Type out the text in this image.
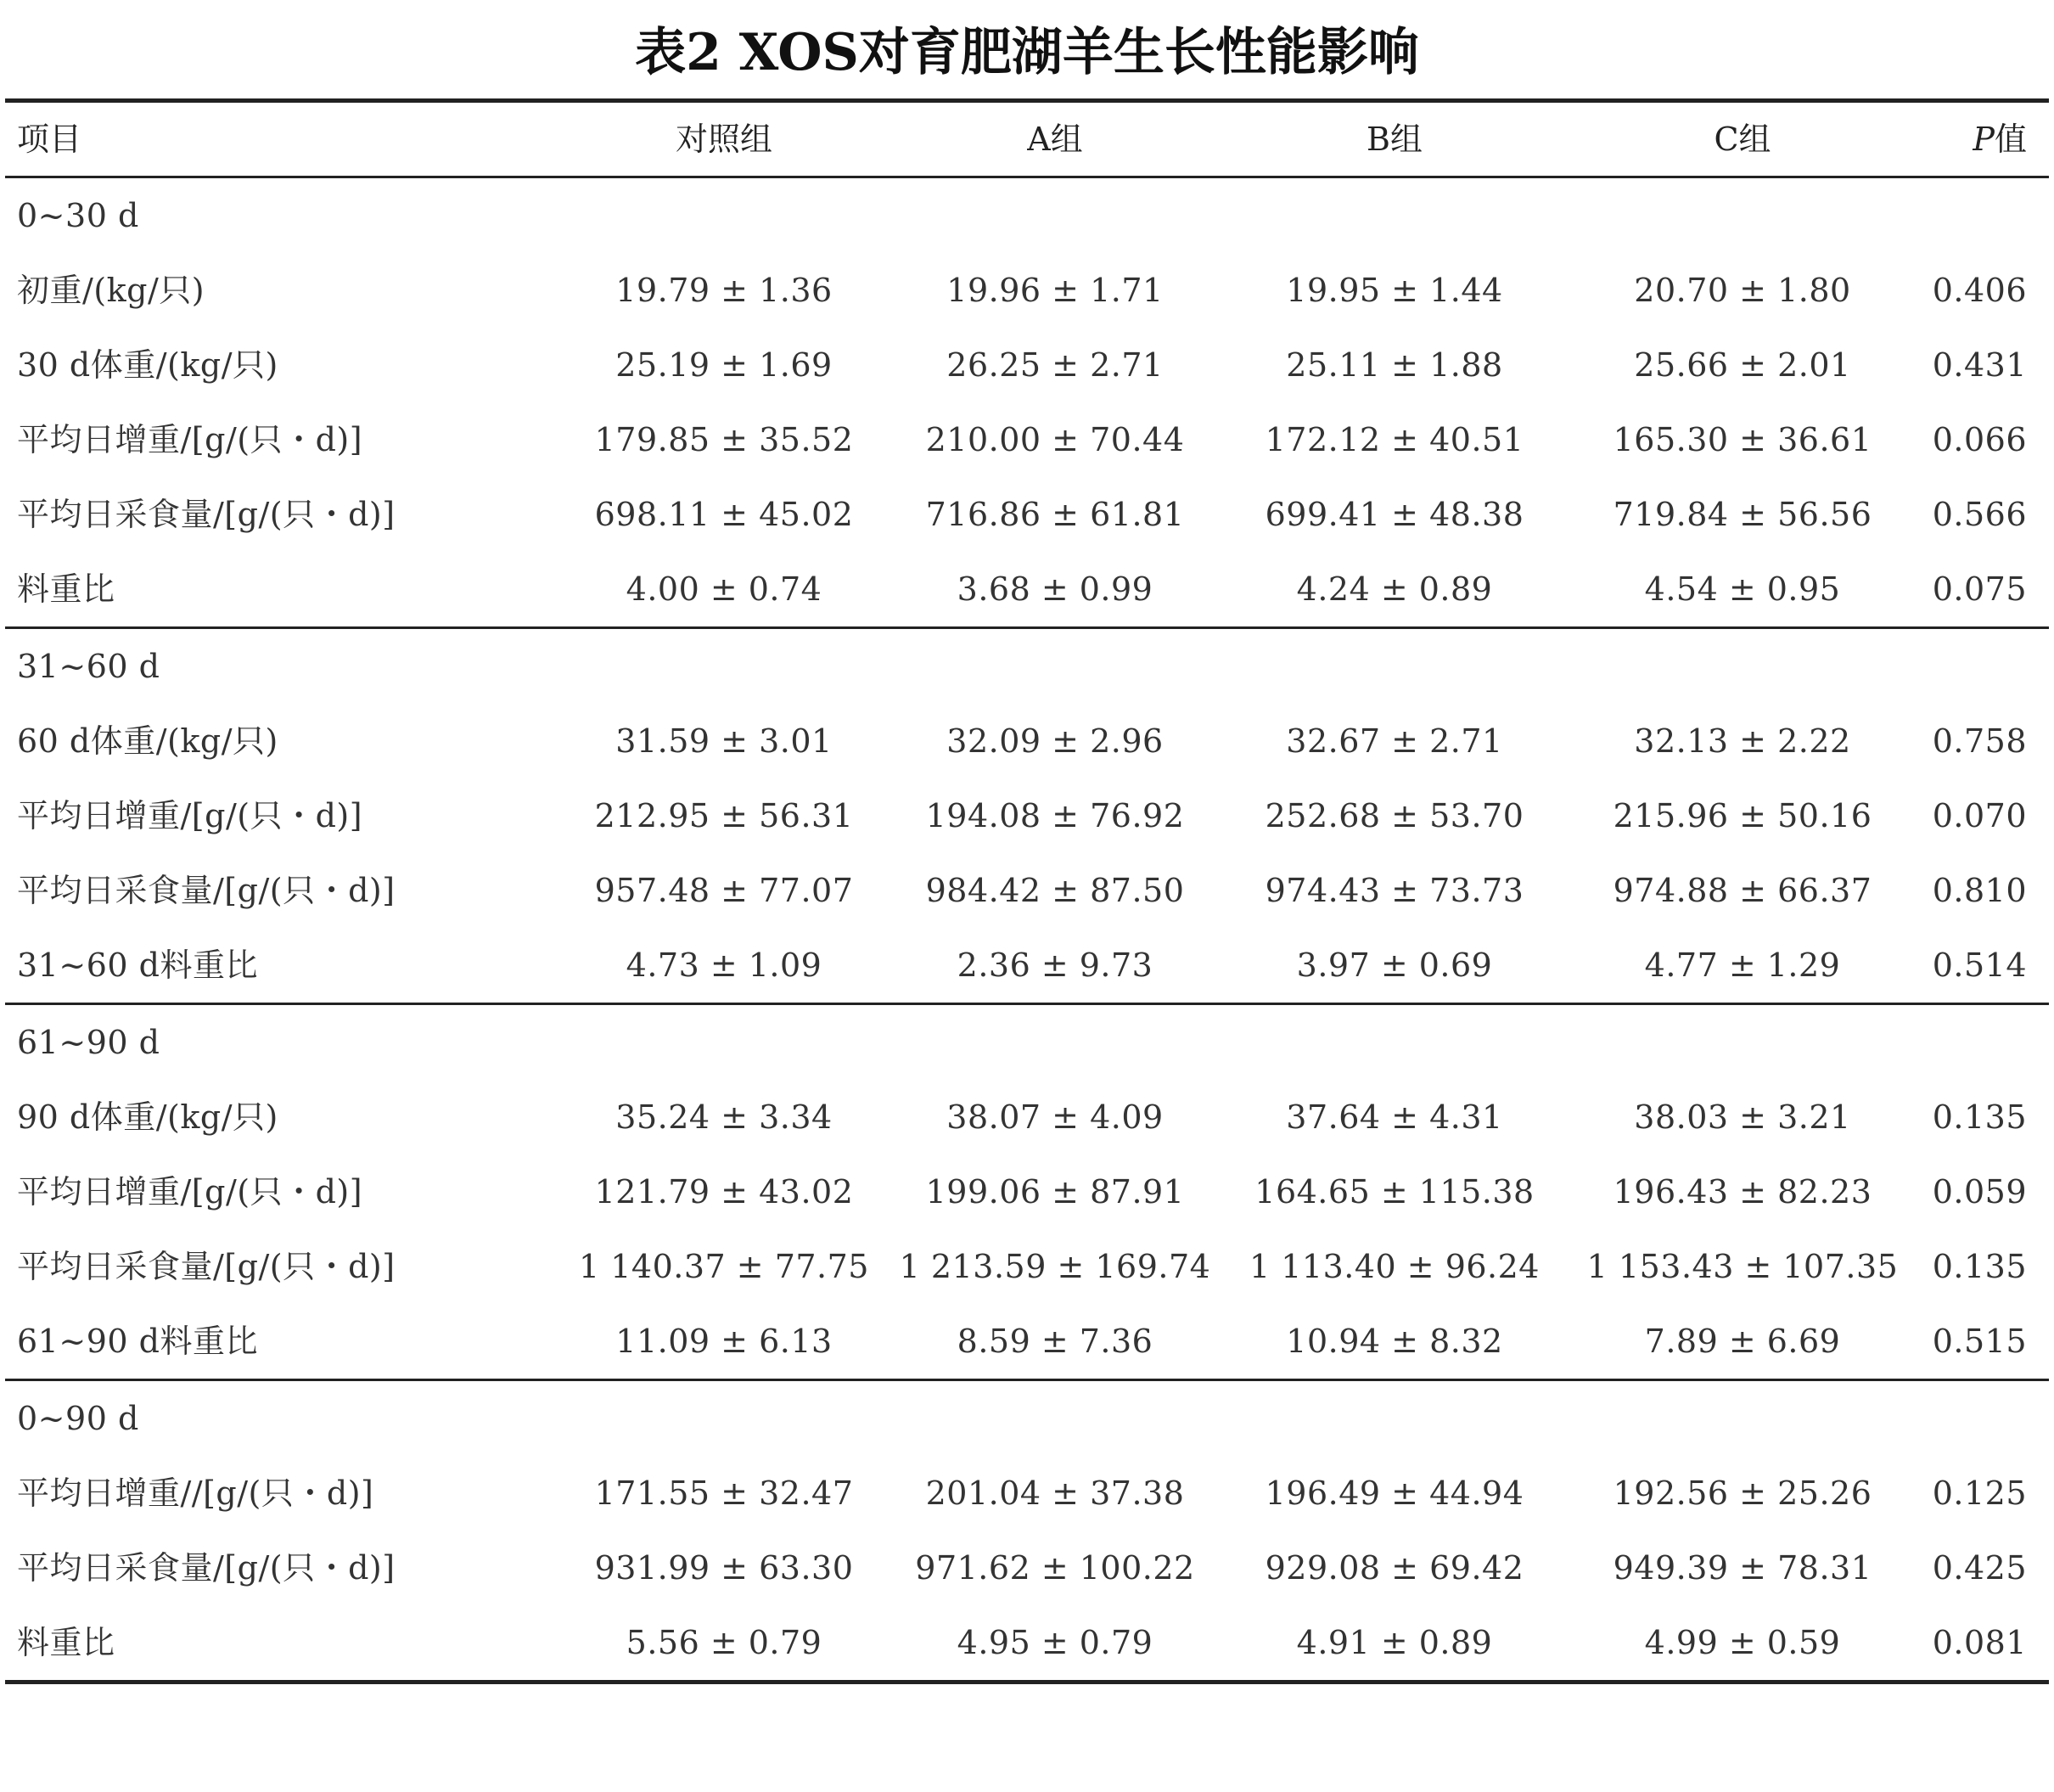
表2 XOS对育肥湖羊生长性能影响
项目	对照组	A组	B组	C组	P值
0~30 d					
初重/(kg/只)	19.79 ± 1.36	19.96 ± 1.71	19.95 ± 1.44	20.70 ± 1.80	0.406
30 d体重/(kg/只)	25.19 ± 1.69	26.25 ± 2.71	25.11 ± 1.88	25.66 ± 2.01	0.431
平均日增重/[g/(只・d)]	179.85 ± 35.52	210.00 ± 70.44	172.12 ± 40.51	165.30 ± 36.61	0.066
平均日采食量/[g/(只・d)]	698.11 ± 45.02	716.86 ± 61.81	699.41 ± 48.38	719.84 ± 56.56	0.566
料重比	4.00 ± 0.74	3.68 ± 0.99	4.24 ± 0.89	4.54 ± 0.95	0.075
31~60 d					
60 d体重/(kg/只)	31.59 ± 3.01	32.09 ± 2.96	32.67 ± 2.71	32.13 ± 2.22	0.758
平均日增重/[g/(只・d)]	212.95 ± 56.31	194.08 ± 76.92	252.68 ± 53.70	215.96 ± 50.16	0.070
平均日采食量/[g/(只・d)]	957.48 ± 77.07	984.42 ± 87.50	974.43 ± 73.73	974.88 ± 66.37	0.810
31~60 d料重比	4.73 ± 1.09	2.36 ± 9.73	3.97 ± 0.69	4.77 ± 1.29	0.514
61~90 d					
90 d体重/(kg/只)	35.24 ± 3.34	38.07 ± 4.09	37.64 ± 4.31	38.03 ± 3.21	0.135
平均日增重/[g/(只・d)]	121.79 ± 43.02	199.06 ± 87.91	164.65 ± 115.38	196.43 ± 82.23	0.059
平均日采食量/[g/(只・d)]	1 140.37 ± 77.75	1 213.59 ± 169.74	1 113.40 ± 96.24	1 153.43 ± 107.35	0.135
61~90 d料重比	11.09 ± 6.13	8.59 ± 7.36	10.94 ± 8.32	7.89 ± 6.69	0.515
0~90 d					
平均日增重//[g/(只・d)]	171.55 ± 32.47	201.04 ± 37.38	196.49 ± 44.94	192.56 ± 25.26	0.125
平均日采食量/[g/(只・d)]	931.99 ± 63.30	971.62 ± 100.22	929.08 ± 69.42	949.39 ± 78.31	0.425
料重比	5.56 ± 0.79	4.95 ± 0.79	4.91 ± 0.89	4.99 ± 0.59	0.081
